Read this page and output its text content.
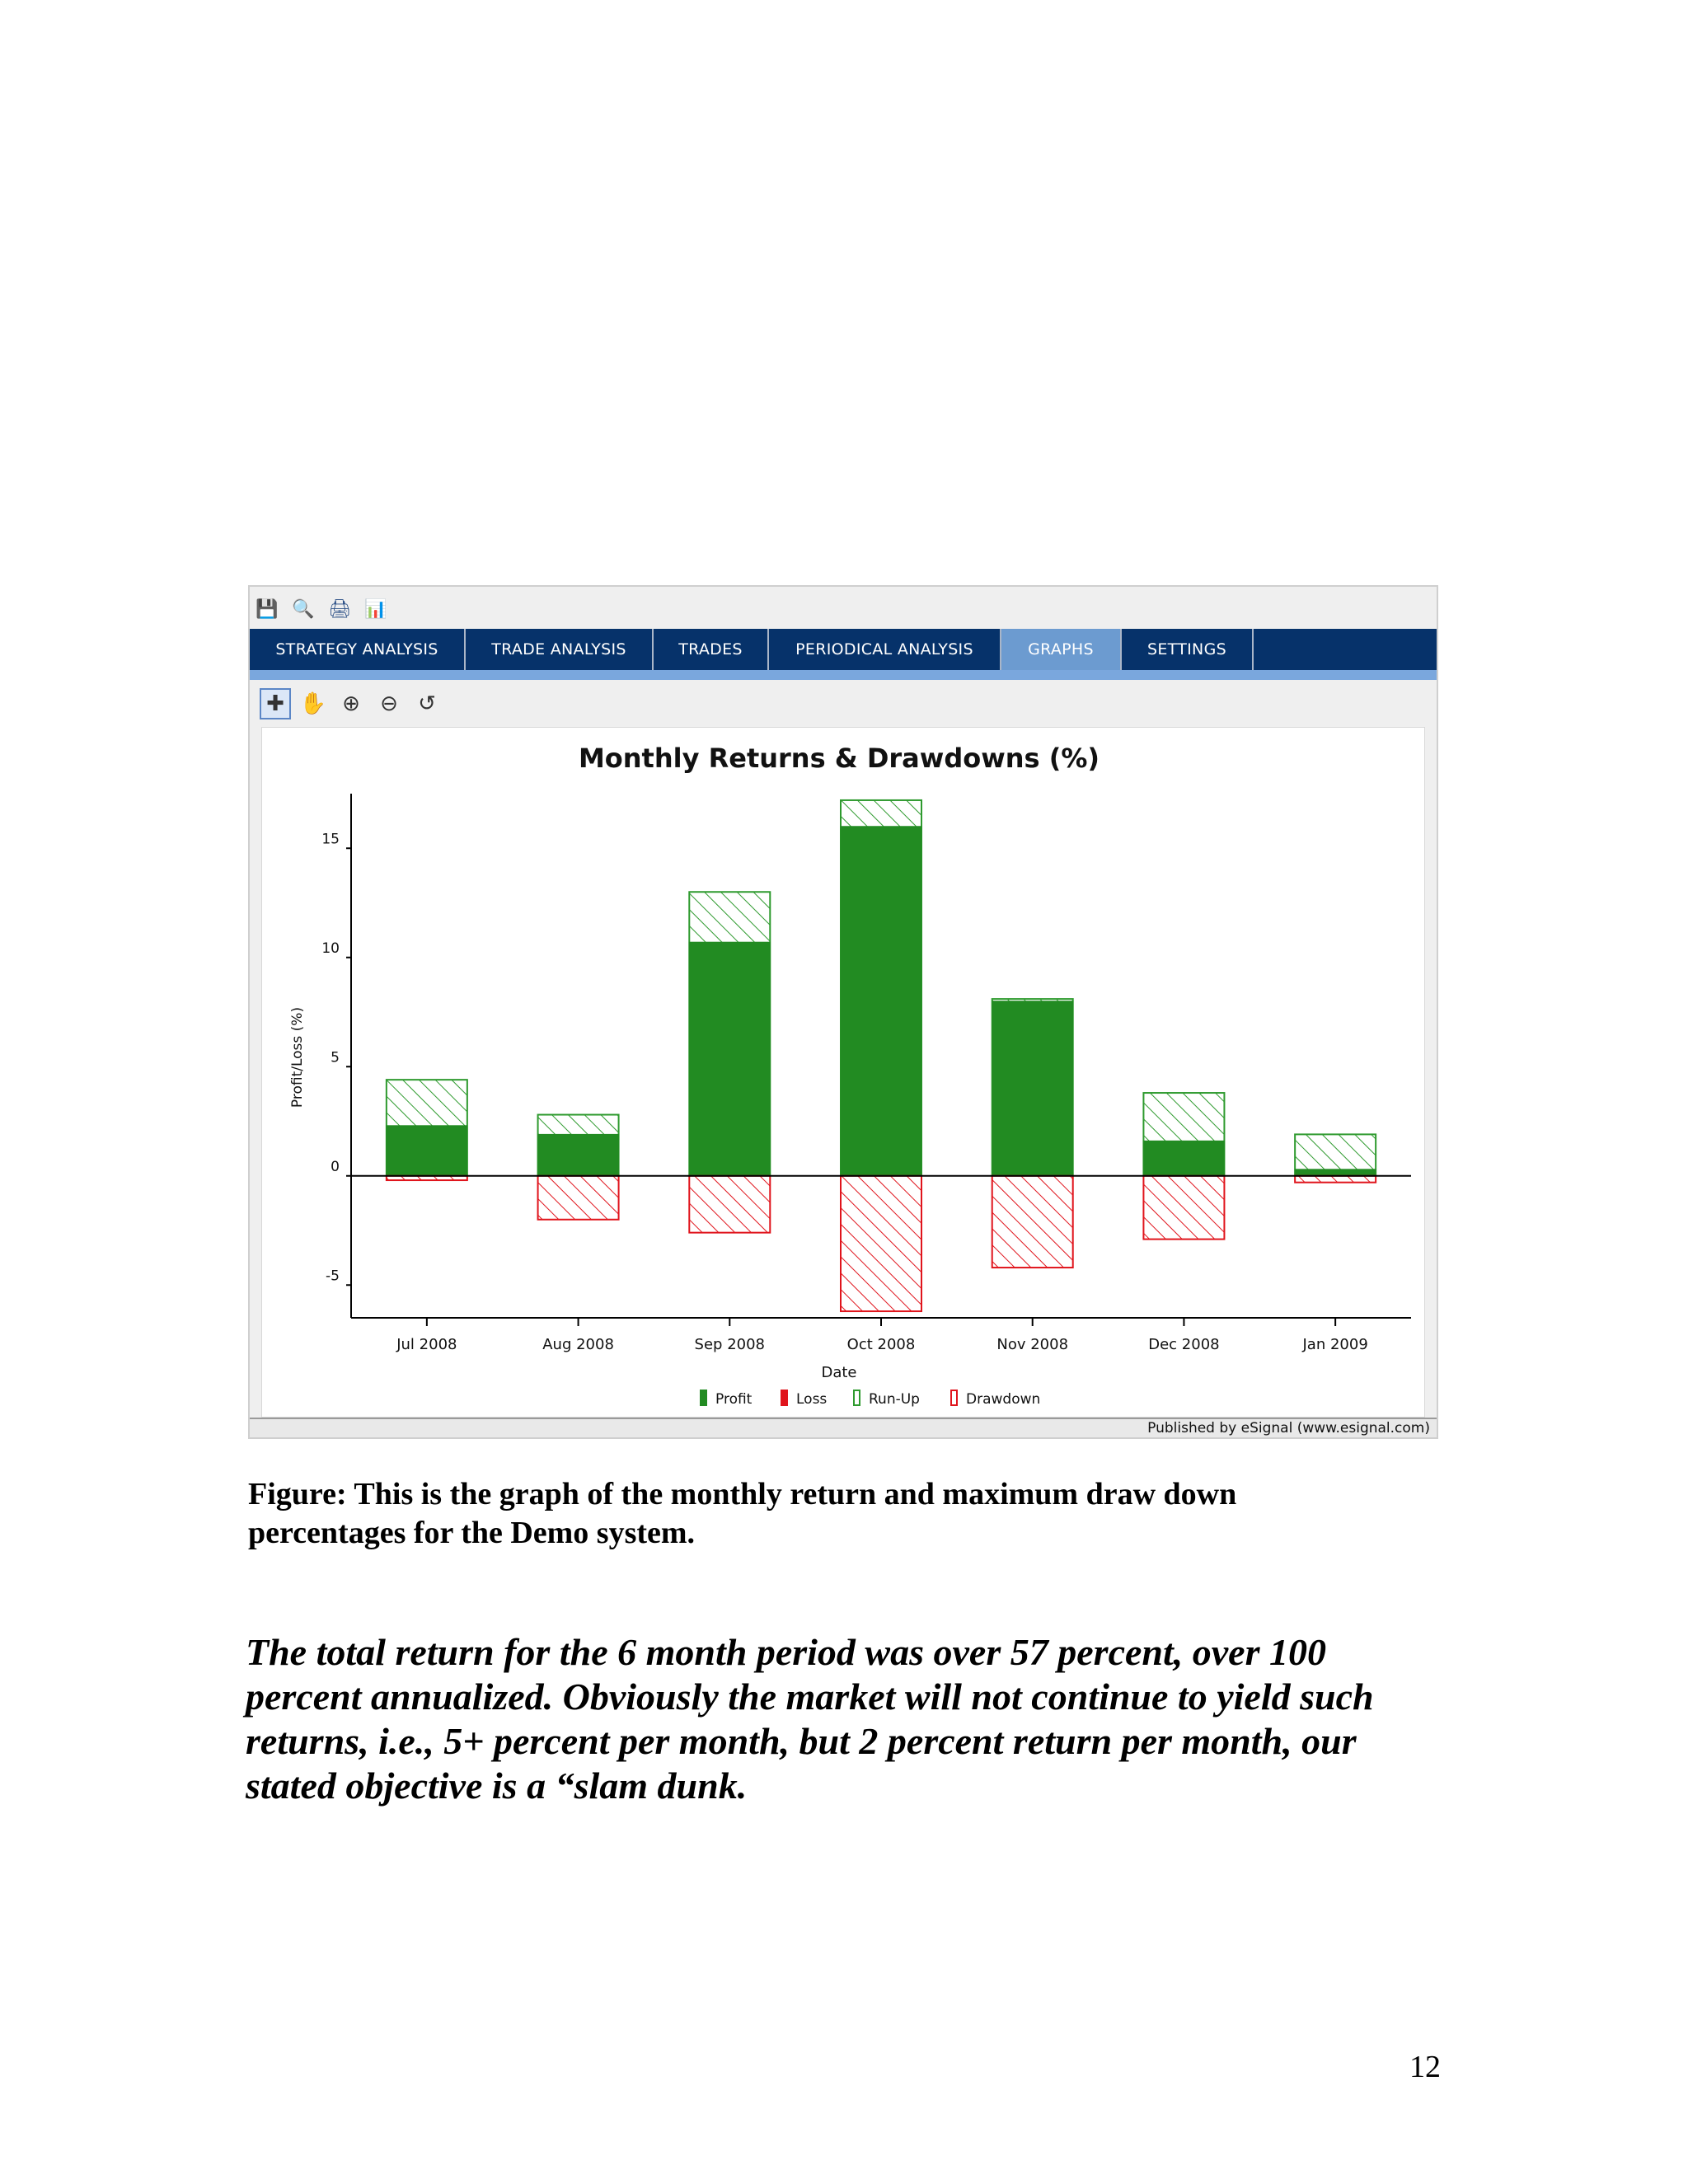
💾 🔍 🖨 📊
STRATEGY ANALYSIS	TRADE ANALYSIS	TRADES	PERIODICAL ANALYSIS	GRAPHS	SETTINGS
✚ ✋ ⊕ ⊖ ↺
Monthly Returns & Drawdowns (%)
15
10
5
0
-5
Jul 2008	Aug 2008	Sep 2008	Oct 2008	Nov 2008	Dec 2008	Jan 2009
Date
Profit/Loss (%)
Profit	Loss	Run-Up	Drawdown
Published by eSignal (www.esignal.com)
Figure: This is the graph of the monthly return and maximum draw down percentages for the Demo system.
The total return for the 6 month period was over 57 percent, over 100 percent annualized. Obviously the market will not continue to yield such returns, i.e., 5+ percent per month, but 2 percent return per month, our stated objective is a “slam dunk.
12
